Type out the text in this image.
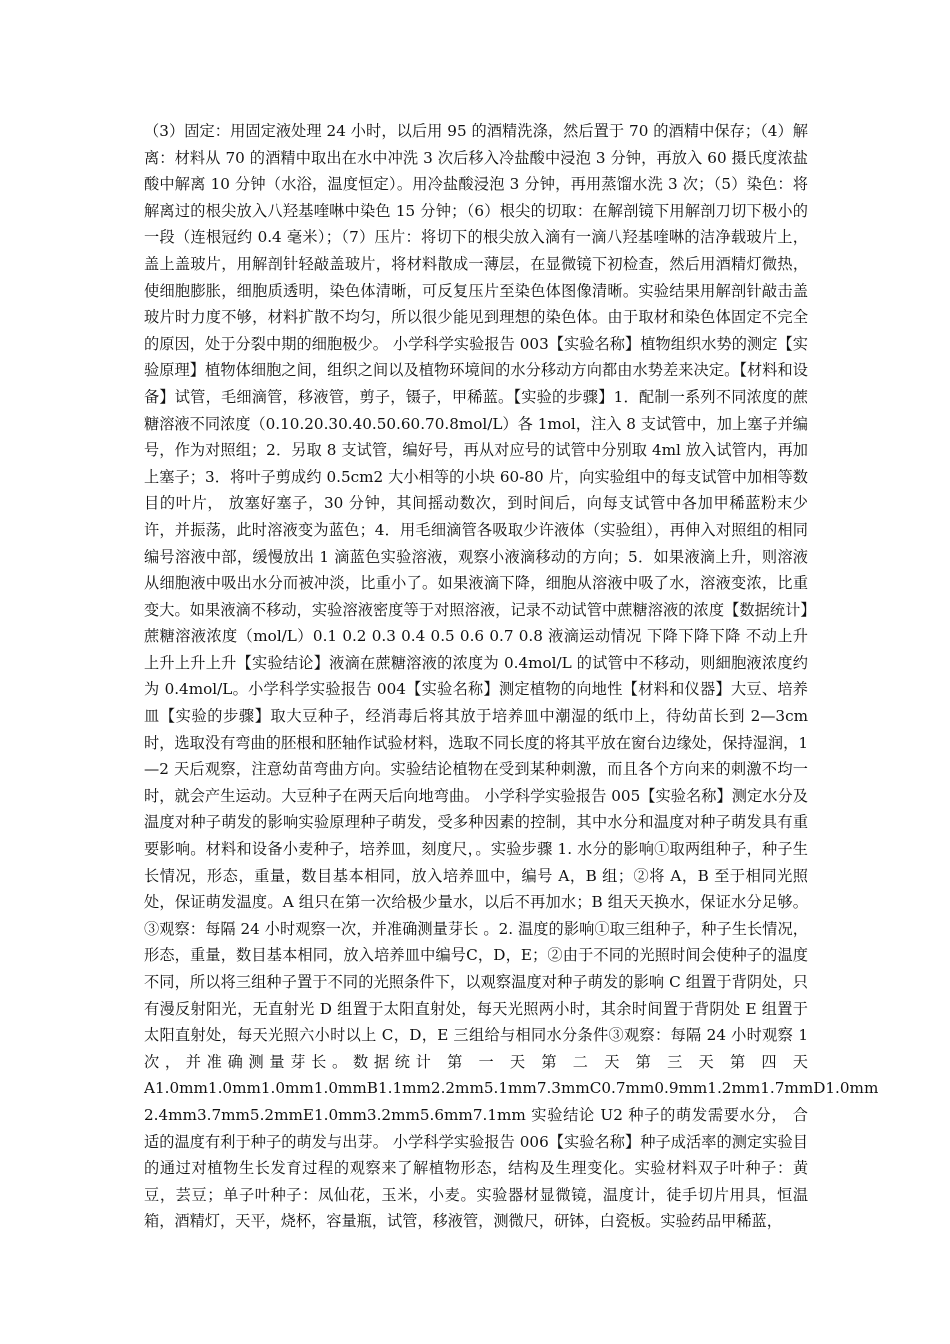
（3）固定：用固定液处理 24 小时，以后用 95 的酒精洗涤，然后置于 70 的酒精中保存；（4）解离：材料从 70 的酒精中取出在水中冲洗 3 次后移入冷盐酸中浸泡 3 分钟，再放入 60 摄氏度浓盐酸中解离 10 分钟（水浴，温度恒定）。用冷盐酸浸泡 3 分钟，再用蒸馏水洗 3 次；（5）染色：将解离过的根尖放入八羟基喹啉中染色 15 分钟；（6）根尖的切取：在解剖镜下用解剖刀切下极小的一段（连根冠约 0.4 毫米）；（7）压片：将切下的根尖放入滴有一滴八羟基喹啉的洁净载玻片上，盖上盖玻片，用解剖针轻敲盖玻片，将材料散成一薄层，在显微镜下初检查，然后用酒精灯微热，使细胞膨胀，细胞质透明，染色体清晰，可反复压片至染色体图像清晰。实验结果用解剖针敲击盖玻片时力度不够，材料扩散不均匀，所以很少能见到理想的染色体。由于取材和染色体固定不完全的原因，处于分裂中期的细胞极少。 小学科学实验报告 003【实验名称】植物组织水势的测定【实验原理】植物体细胞之间，组织之间以及植物环境间的水分移动方向都由水势差来决定。【材料和设备】试管，毛细滴管，移液管，剪子，镊子，甲稀蓝。【实验的步骤】1．配制一系列不同浓度的蔗糖溶液不同浓度（0.10.20.30.40.50.60.70.8mol/L）各 1mol，注入 8 支试管中，加上塞子并编号，作为对照组；2．另取 8 支试管，编好号，再从对应号的试管中分别取 4ml 放入试管内，再加上塞子；3．将叶子剪成约 0.5cm2 大小相等的小块 60-80 片，向实验组中的每支试管中加相等数目的叶片， 放塞好塞子，30 分钟，其间摇动数次，到时间后，向每支试管中各加甲稀蓝粉末少许，并振荡，此时溶液变为蓝色；4．用毛细滴管各吸取少许液体（实验组），再伸入对照组的相同编号溶液中部，缓慢放出 1 滴蓝色实验溶液，观察小液滴移动的方向；5．如果液滴上升，则溶液从细胞液中吸出水分而被冲淡，比重小了。如果液滴下降，细胞从溶液中吸了水，溶液变浓，比重变大。如果液滴不移动，实验溶液密度等于对照溶液，记录不动试管中蔗糖溶液的浓度【数据统计】蔗糖溶液浓度（mol/L）0.1 0.2 0.3 0.4 0.5 0.6 0.7 0.8 液滴运动情况 下降下降下降 不动上升上升上升上升【实验结论】液滴在蔗糖溶液的浓度为 0.4mol/L 的试管中不移动，则細胞液浓度约为 0.4mol/L。小学科学实验报告 004【实验名称】测定植物的向地性【材料和仪器】大豆、培养皿【实验的步骤】取大豆种子，经消毒后将其放于培养皿中潮湿的纸巾上，待幼苗长到 2—3cm 时，选取没有弯曲的胚根和胚轴作试验材料，选取不同长度的将其平放在窗台边缘处，保持湿润，1—2 天后观察，注意幼苗弯曲方向。实验结论植物在受到某种刺激，而且各个方向来的刺激不均一时，就会产生运动。大豆种子在两天后向地弯曲。 小学科学实验报告 005【实验名称】测定水分及温度对种子萌发的影响实验原理种子萌发，受多种因素的控制，其中水分和温度对种子萌发具有重要影响。材料和设备小麦种子，培养皿，刻度尺，。实验步骤 1. 水分的影响①取两组种子，种子生长情况，形态，重量，数目基本相同，放入培养皿中，编号 A，B 组；②将 A，B 至于相同光照处，保证萌发温度。A 组只在第一次给极少量水，以后不再加水；B 组天天换水，保证水分足够。③观察：每隔 24 小时观察一次，并准确测量芽长 。2. 温度的影响①取三组种子，种子生长情况，形态，重量，数目基本相同，放入培养皿中编号C，D，E；②由于不同的光照时间会使种子的温度不同，所以将三组种子置于不同的光照条件下，以观察温度对种子萌发的影响 C 组置于背阴处，只有漫反射阳光，无直射光 D 组置于太阳直射处，每天光照两小时，其余时间置于背阴处 E 组置于太阳直射处，每天光照六小时以上 C，D，E 三组给与相同水分条件③观察：每隔 24 小时观察 1 次，并准确测量芽长。数据统计 第 一 天 第 二 天 第 三 天 第 四 天 A1.0mm1.0mm1.0mm1.0mmB1.1mm2.2mm5.1mm7.3mmC0.7mm0.9mm1.2mm1.7mmD1.0mm 2.4mm3.7mm5.2mmE1.0mm3.2mm5.6mm7.1mm 实验结论 U2 种子的萌发需要水分， 合适的温度有利于种子的萌发与出芽。 小学科学实验报告 006【实验名称】种子成活率的测定实验目的通过对植物生长发育过程的观察来了解植物形态，结构及生理变化。实验材料双子叶种子：黄豆，芸豆；单子叶种子：凤仙花，玉米，小麦。实验器材显微镜，温度计，徒手切片用具，恒温箱，酒精灯，天平，烧杯，容量瓶，试管，移液管，测微尺，研钵，白瓷板。实验药品甲稀蓝，
